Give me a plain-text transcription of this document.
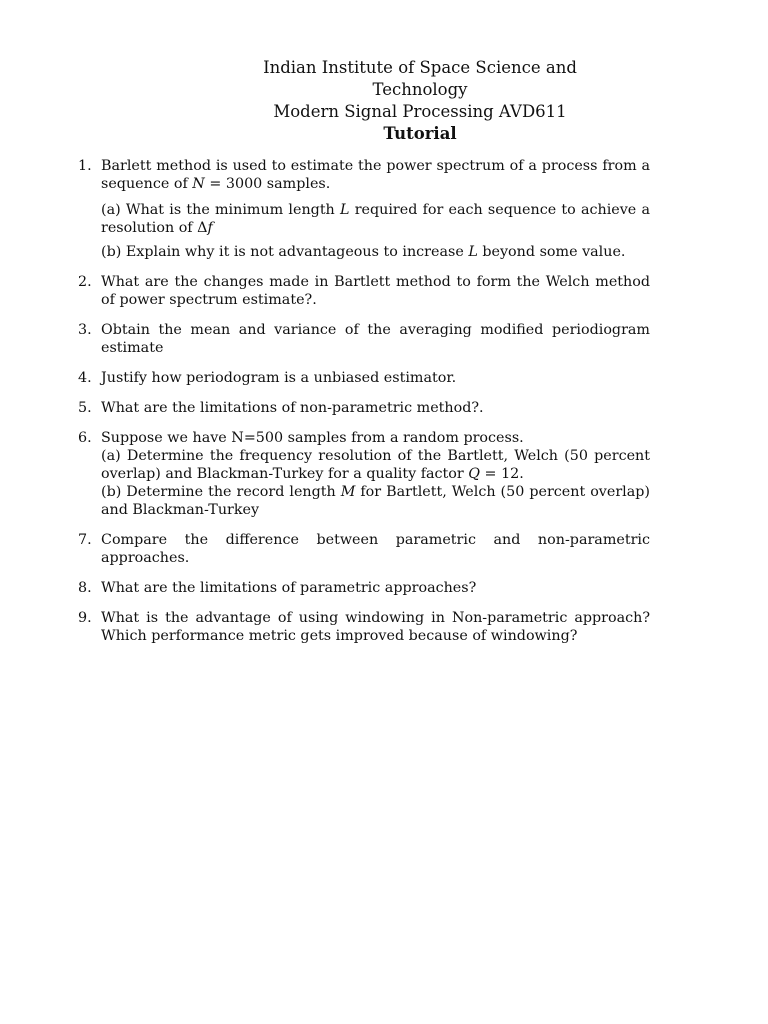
Indian Institute of Space Science and Technology
Modern Signal Processing AVD611
Tutorial
1. Barlett method is used to estimate the power spectrum of a process from a sequence of N = 3000 samples.
(a) What is the minimum length L required for each sequence to achieve a resolution of Δf
(b) Explain why it is not advantageous to increase L beyond some value.
2. What are the changes made in Bartlett method to form the Welch method of power spectrum estimate?.
3. Obtain the mean and variance of the averaging modified periodiogram estimate
4. Justify how periodogram is a unbiased estimator.
5. What are the limitations of non-parametric method?.
6. Suppose we have N=500 samples from a random process.
(a) Determine the frequency resolution of the Bartlett, Welch (50 percent overlap) and Blackman-Turkey for a quality factor Q = 12.
(b) Determine the record length M for Bartlett, Welch (50 percent overlap) and Blackman-Turkey
7. Compare the difference between parametric and non-parametric approaches.
8. What are the limitations of parametric approaches?
9. What is the advantage of using windowing in Non-parametric approach? Which performance metric gets improved because of windowing?
